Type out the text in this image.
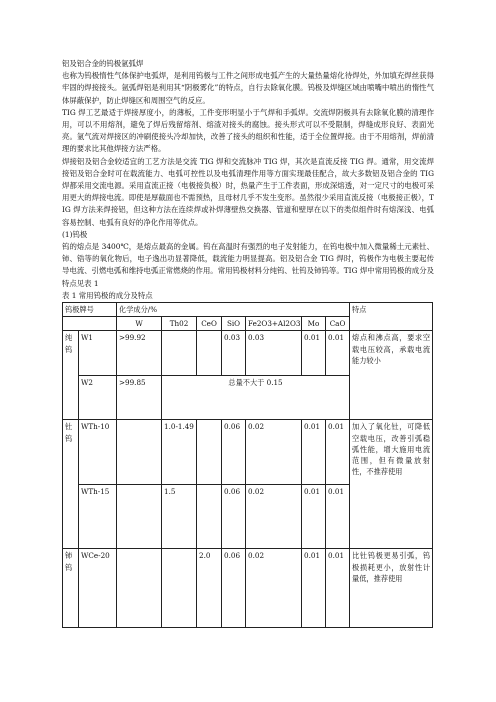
铝及铝合金的钨极氩弧焊

也称为钨极惰性气体保护电弧焊，是利用钨极与工件之间形成电弧产生的大量热量熔化待焊处，外加填充焊丝获得牢固的焊接接头。氩弧焊铝是利用其“阴极雾化”的特点，自行去除氧化膜。钨极及焊缝区域由喷嘴中喷出的惰性气体屏蔽保护，防止焊缝区和周围空气的反应。

TIG 焊工艺最适于焊接厚度小，的薄板，工件变形明显小于气焊和手弧焊。交流焊阴极具有去除氧化膜的清理作用，可以不用熔剂，避免了焊后残留熔剂、熔渣对接头的腐蚀。接头形式可以不受限制，焊缝成形良好、表面光亮。氩气流对焊接区的冲刷使接头冷却加快，改善了接头的组织和性能，适于全位置焊接。由于不用熔剂，焊前清理的要求比其他焊接方法严格。

焊接铝及铝合金较适宜的工艺方法是交流 TIG 焊和交流脉冲 TIG 焊，其次是直流反接 TIG 焊。通常，用交流焊接铝及铝合金时可在载流能力、电弧可控性以及电弧清理作用等方面实现最佳配合，故大多数铝及铝合金的 TIG 焊都采用交流电源。采用直流正接（电极接负极）时，热量产生于工件表面，形成深熔透，对一定尺寸的电极可采用更大的焊接电流。即使是厚截面也不需预热，且母材几乎不发生变形。虽然很少采用直流反接（电极接正极），TIG 焊方法来焊接铝，但这种方法在连续焊或补焊薄壁热交换器、管道和壁厚在以下的类似组件时有熔深浅、电弧容易控制、电弧有良好的净化作用等优点。

(1)钨极

钨的熔点是 3400℃，是熔点最高的金属。钨在高温时有强烈的电子发射能力，在钨电极中加入微量稀土元素钍、铈、锆等的氧化物后，电子逸出功显著降低，载流能力明显提高。铝及铝合金 TIG 焊时，钨极作为电极主要起传导电流、引燃电弧和维持电弧正常燃烧的作用。常用钨极材料分纯钨、钍钨及铈钨等。TIG 焊中常用钨极的成分及特点见表 1

表 1 常用钨极的成分及特点

钨极牌号		化学成分/%							特点
		W	Th02	CeO	SiO	Fe2O3+Al2O3	Mo	CaO	
纯钨	W1	>99.92			0.03	0.03	0.01	0.01	熔点和沸点高，要求空载电压较高，承载电流能力较小
	W2	>99.85	总量不大于 0.15						
钍钨	WTh-10		1.0-1.49		0.06	0.02	0.01	0.01	加入了氧化钍，可降低空载电压，改善引弧稳弧性能，增大施用电流范围，但有微量放射性，不推荐使用
	WTh-15		1.5		0.06	0.02	0.01	0.01	
铈钨	WCe-20			2.0	0.06	0.02	0.01	0.01	比钍钨极更易引弧，钨极损耗更小，放射性计量低，推荐使用
